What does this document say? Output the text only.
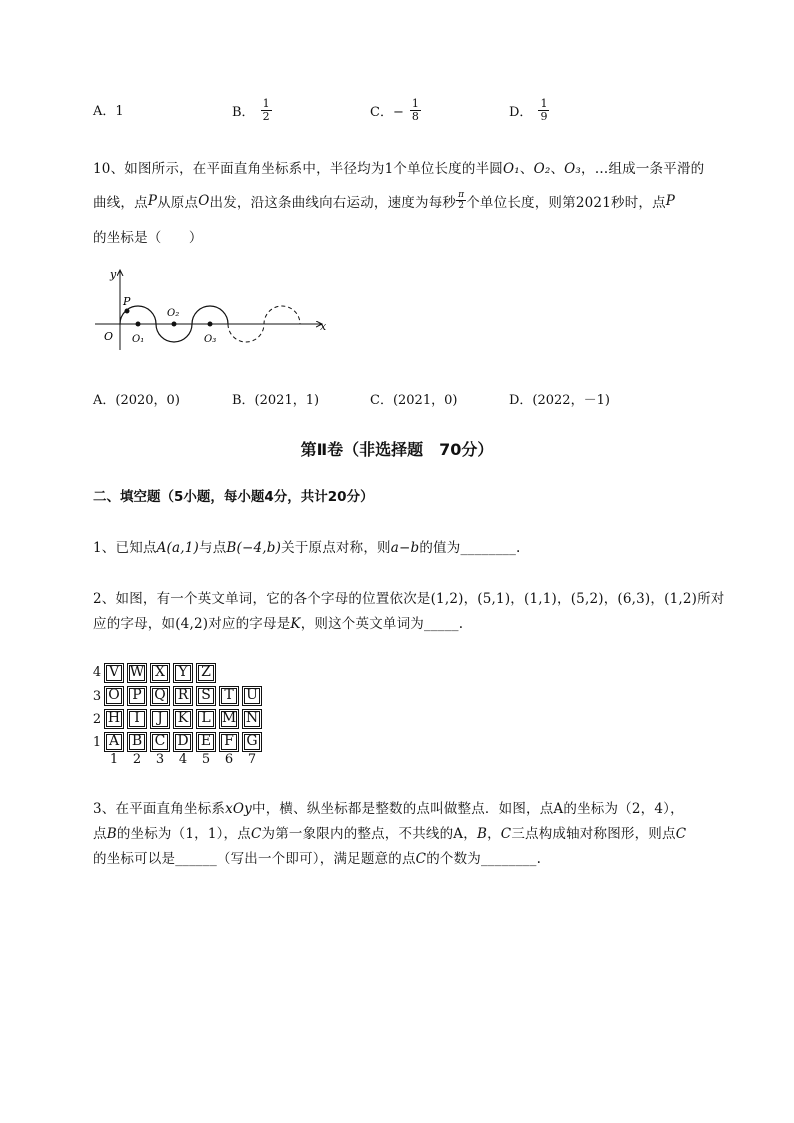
A．1	B． $\frac{1}{2}$	C．− $\frac{1}{8}$	D． $\frac{1}{9}$
10、如图所示，在平面直角坐标系中，半径均为1个单位长度的半圆O₁、O₂、O₃，…组成一条平滑的
曲线，点 P 从原点 O 出发，沿这条曲线向右运动，速度为每秒 $\frac{\pi}{2}$ 个单位长度，则第2021秒时，点 P
的坐标是（　　）
y
x
O
P
O₁
O₂
O₃
A．(2020，0)	B．(2021，1)	C．(2021，0)	D．(2022，－1)
第Ⅱ卷（非选择题　70分）
二、填空题（5小题，每小题4分，共计20分）
1、已知点A(a,1)与点B(−4,b)关于原点对称，则a−b的值为________.
2、如图，有一个英文单词，它的各个字母的位置依次是(1,2)，(5,1)，(1,1)，(5,2)，(6,3)，(1,2)所对
应的字母，如(4,2)对应的字母是K，则这个英文单词为_____.
4
3
2
1
V W X Y Z
O P Q R S T U
H	I	J	K L M N
A B C D E F G
1	2	3	4	5	6	7
3、在平面直角坐标系xOy中，横、纵坐标都是整数的点叫做整点．如图，点A的坐标为（2，4），
点B的坐标为（1，1），点C为第一象限内的整点，不共线的A，B，C三点构成轴对称图形，则点C
的坐标可以是______（写出一个即可），满足题意的点C的个数为________.
